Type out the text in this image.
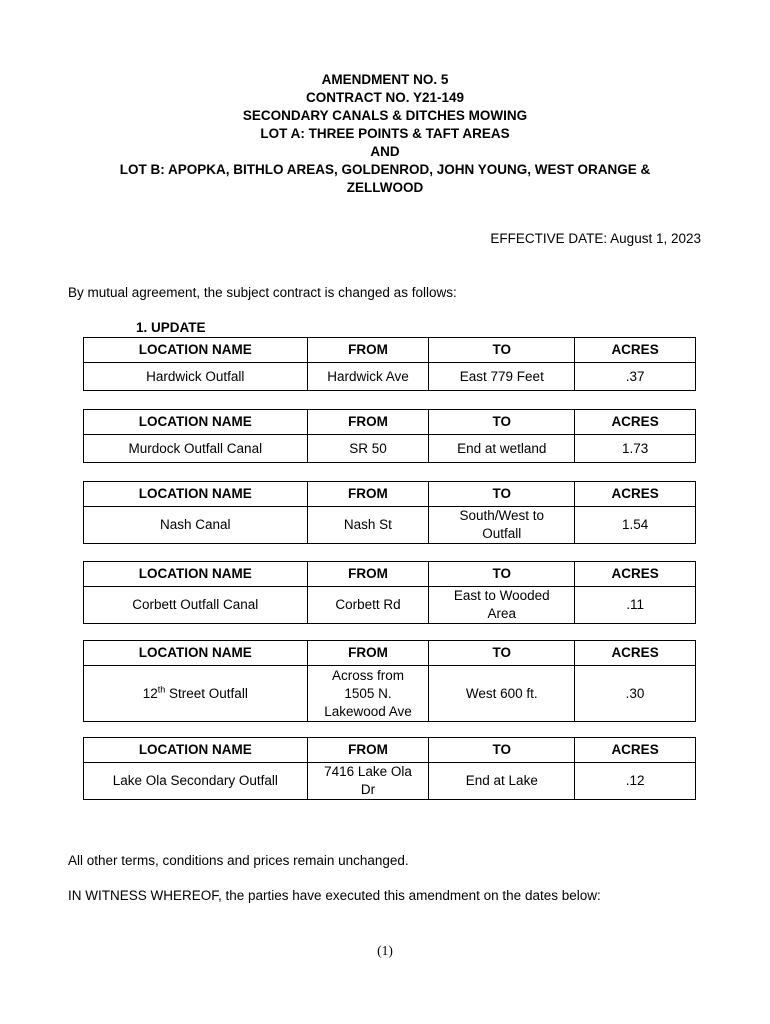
AMENDMENT NO. 5
CONTRACT NO. Y21-149
SECONDARY CANALS & DITCHES MOWING
LOT A: THREE POINTS & TAFT AREAS
AND
LOT B: APOPKA, BITHLO AREAS, GOLDENROD, JOHN YOUNG, WEST ORANGE &
ZELLWOOD
EFFECTIVE DATE: August 1, 2023
By mutual agreement, the subject contract is changed as follows:
1. UPDATE
LOCATION NAME	FROM	TO	ACRES
Hardwick Outfall	Hardwick Ave	East 779 Feet	.37
LOCATION NAME	FROM	TO	ACRES
Murdock Outfall Canal	SR 50	End at wetland	1.73
LOCATION NAME	FROM	TO	ACRES
Nash Canal	Nash St	South/West to Outfall	1.54
LOCATION NAME	FROM	TO	ACRES
Corbett Outfall Canal	Corbett Rd	East to Wooded Area	.11
LOCATION NAME	FROM	TO	ACRES
12th Street Outfall	Across from 1505 N. Lakewood Ave	West 600 ft.	.30
LOCATION NAME	FROM	TO	ACRES
Lake Ola Secondary Outfall	7416 Lake Ola Dr	End at Lake	.12
All other terms, conditions and prices remain unchanged.
IN WITNESS WHEREOF, the parties have executed this amendment on the dates below:
(1)
